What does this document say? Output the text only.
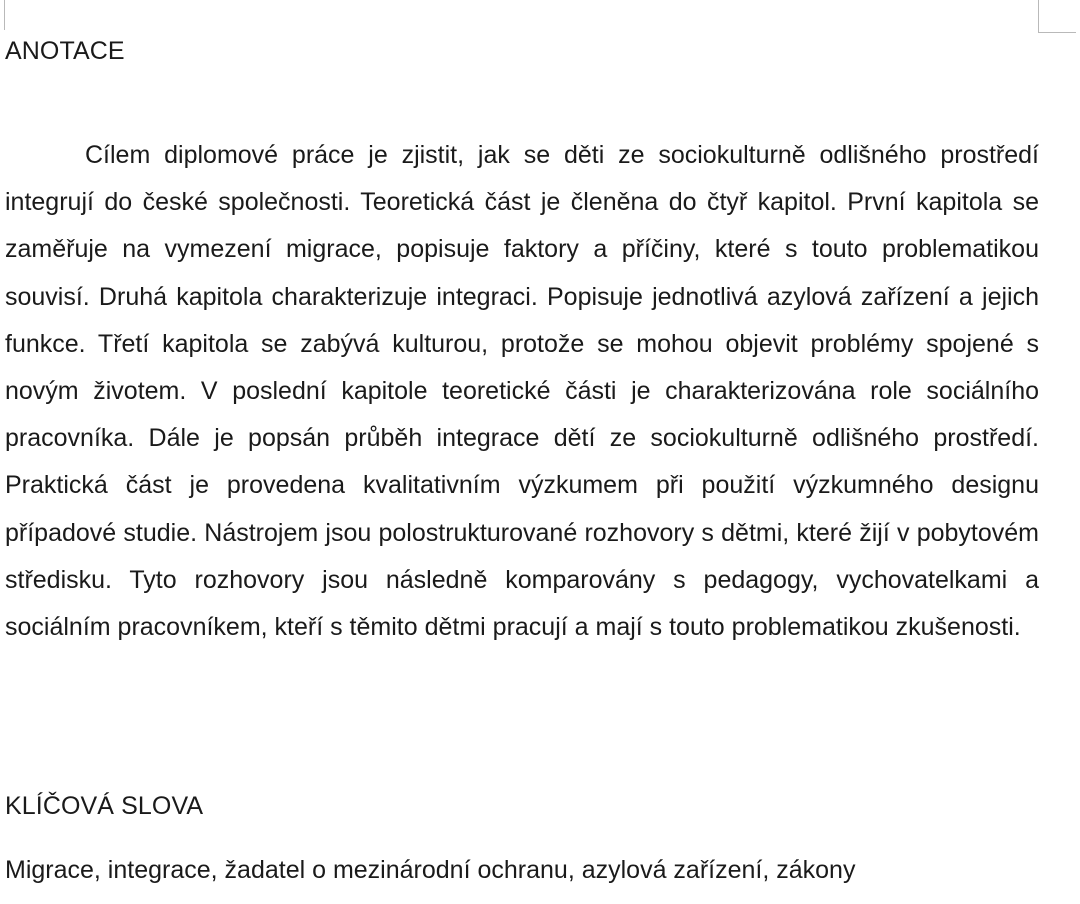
ANOTACE

Cílem diplomové práce je zjistit, jak se děti ze sociokulturně odlišného prostředí integrují do české společnosti. Teoretická část je členěna do čtyř kapitol. První kapitola se zaměřuje na vymezení migrace, popisuje faktory a příčiny, které s touto problematikou souvisí. Druhá kapitola charakterizuje integraci. Popisuje jednotlivá azylová zařízení a jejich funkce. Třetí kapitola se zabývá kulturou, protože se mohou objevit problémy spojené s novým životem. V poslední kapitole teoretické části je charakterizována role sociálního pracovníka. Dále je popsán průběh integrace dětí ze sociokulturně odlišného prostředí. Praktická část je provedena kvalitativním výzkumem při použití výzkumného designu případové studie. Nástrojem jsou polostrukturované rozhovory s dětmi, které žijí v pobytovém středisku. Tyto rozhovory jsou následně komparovány s pedagogy, vychovatelkami a sociálním pracovníkem, kteří s těmito dětmi pracují a mají s touto problematikou zkušenosti.

KLÍČOVÁ SLOVA

Migrace, integrace, žadatel o mezinárodní ochranu, azylová zařízení, zákony
